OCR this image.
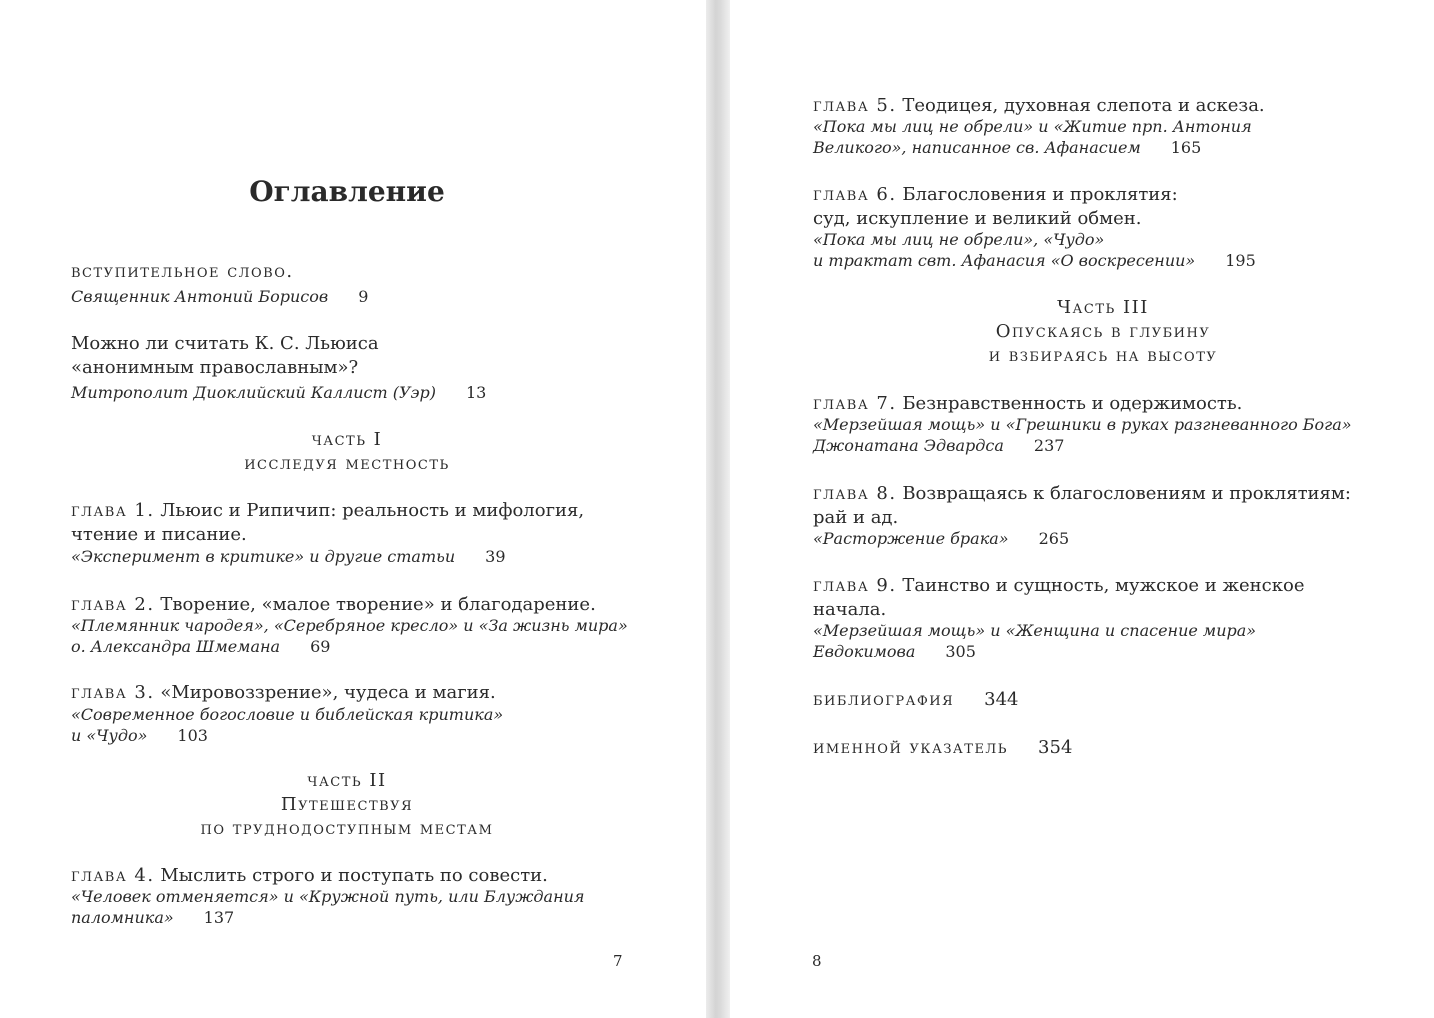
Оглавление
вступительное слово.
Священник Антоний Борисов 9
Можно ли считать К. С. Льюиса
«анонимным православным»?
Митрополит Диоклийский Каллист (Уэр) 13
часть I
исследуя местность
глава 1. Льюис и Рипичип: реальность и мифология,
чтение и писание.
«Эксперимент в критике» и другие статьи 39
глава 2. Творение, «малое творение» и благодарение.
«Племянник чародея», «Серебряное кресло» и «За жизнь мира»
о. Александра Шмемана 69
глава 3. «Мировоззрение», чудеса и магия.
«Современное богословие и библейская критика»
и «Чудо» 103
часть II
Путешествуя
по труднодоступным местам
глава 4. Мыслить строго и поступать по совести.
«Человек отменяется» и «Кружной путь, или Блуждания
паломника» 137
7
глава 5. Теодицея, духовная слепота и аскеза.
«Пока мы лиц не обрели» и «Житие прп. Антония
Великого», написанное св. Афанасием 165
глава 6. Благословения и проклятия:
суд, искупление и великий обмен.
«Пока мы лиц не обрели», «Чудо»
и трактат свт. Афанасия «О воскресении» 195
Часть III
Опускаясь в глубину
и взбираясь на высоту
глава 7. Безнравственность и одержимость.
«Мерзейшая мощь» и «Грешники в руках разгневанного Бога»
Джонатана Эдвардса 237
глава 8. Возвращаясь к благословениям и проклятиям:
рай и ад.
«Расторжение брака» 265
глава 9. Таинство и сущность, мужское и женское
начала.
«Мерзейшая мощь» и «Женщина и спасение мира»
Евдокимова 305
библиография 344
именной указатель 354
8
